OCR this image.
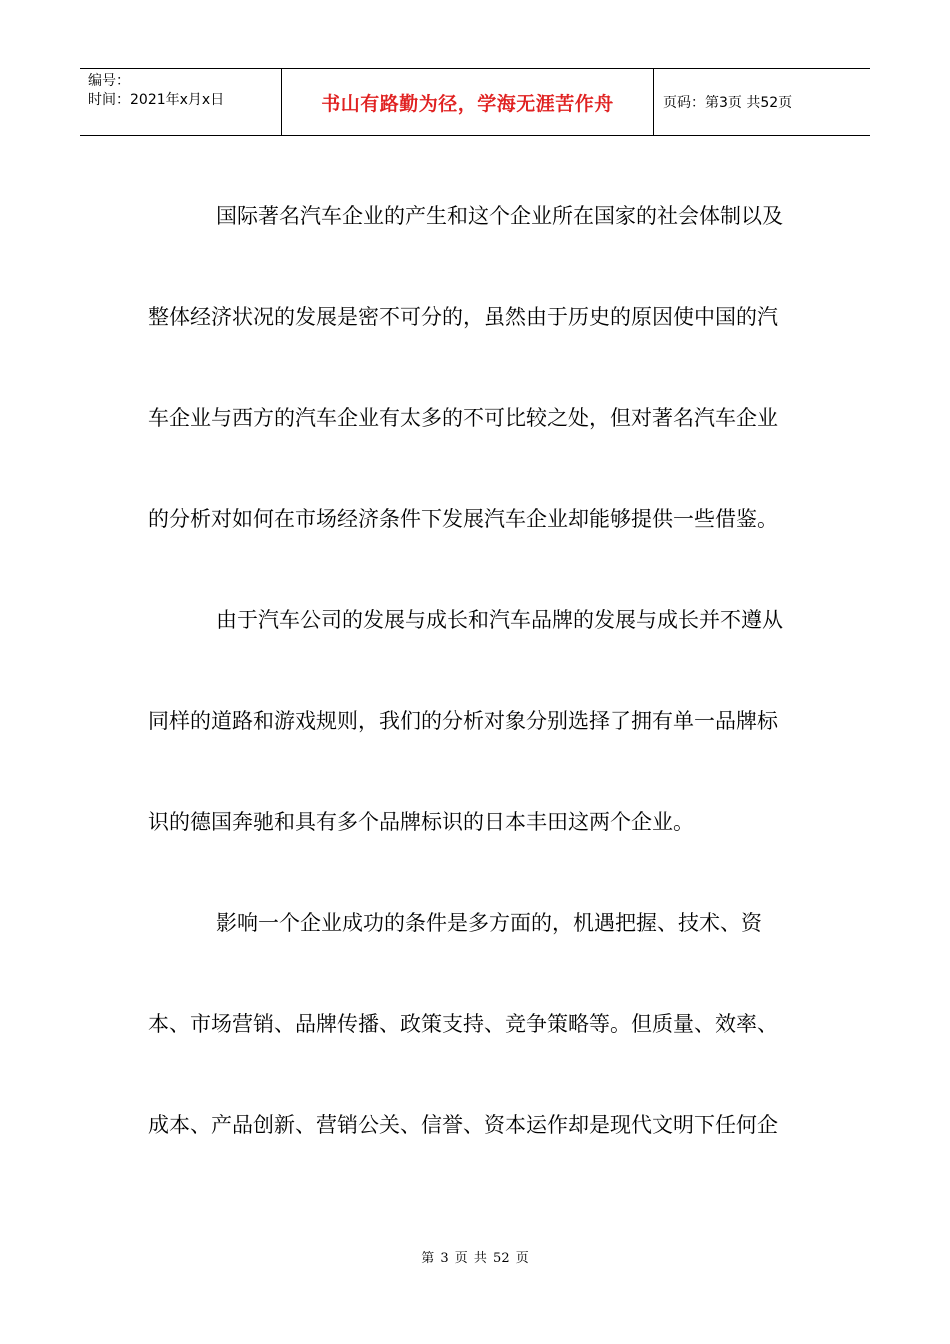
编号：
时间：2021年x月x日	书山有路勤为径，学海无涯苦作舟	页码：第3页 共52页
国际著名汽车企业的产生和这个企业所在国家的社会体制以及
整体经济状况的发展是密不可分的，虽然由于历史的原因使中国的汽
车企业与西方的汽车企业有太多的不可比较之处，但对著名汽车企业
的分析对如何在市场经济条件下发展汽车企业却能够提供一些借鉴。
由于汽车公司的发展与成长和汽车品牌的发展与成长并不遵从
同样的道路和游戏规则，我们的分析对象分别选择了拥有单一品牌标
识的德国奔驰和具有多个品牌标识的日本丰田这两个企业。
影响一个企业成功的条件是多方面的，机遇把握、技术、资
本、市场营销、品牌传播、政策支持、竞争策略等。但质量、效率、
成本、产品创新、营销公关、信誉、资本运作却是现代文明下任何企
第 3 页 共 52 页
